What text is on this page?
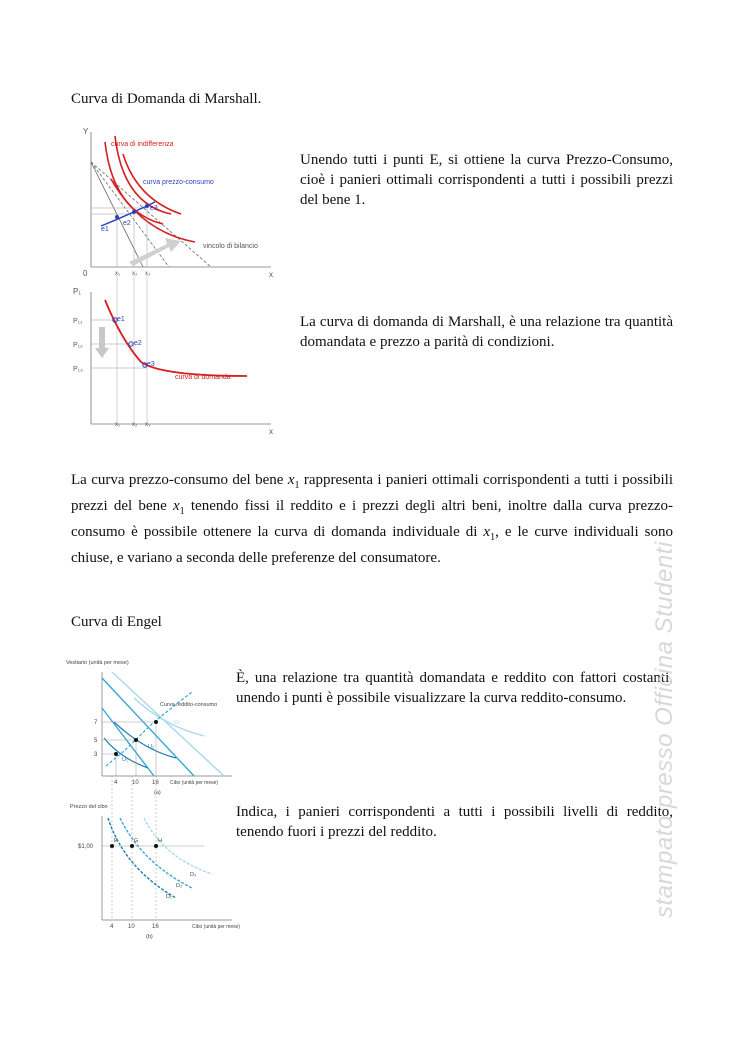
Curva di Domanda di Marshall.
Y
0	x
curva di indifferenza
curva prezzo-consumo
vincolo di bilancio
e1
e2
e3
x₁ x₂ x₃
P₁
x
P₁₁
P₁₂
P₁₃
e1
e2
e3
curva di domanda
x₁ x₂ x₃
Unendo tutti i punti E, si ottiene la curva Prezzo-Consumo, cioè i panieri ottimali corrispondenti a tutti i possibili prezzi del bene 1.
La curva di domanda di Marshall, è una relazione tra quantità domandata e prezzo a parità di condizioni.
La curva prezzo-consumo del bene $x_1$ rappresenta i panieri ottimali corrispondenti a tutti i possibili prezzi del bene $x_1$ tenendo fissi il reddito e i prezzi degli altri beni, inoltre dalla curva prezzo-consumo è possibile ottenere la curva di domanda individuale di $x_1$, e le curve individuali sono chiuse, e variano a seconda delle preferenze del consumatore.
Curva di Engel
Vestiario (unità per mese)
Curva reddito-consumo
7
5
3
4 10 16 Cibo (unità per mese)
(a)
U₁
U₂
U₃
Prezzo del cibo
$1,00
E	G	H
D₃
D₂
D₁
4 10	16	Cibo (unità per mese)
(b)
È, una relazione tra quantità domandata e reddito con fattori costanti, unendo i punti è possibile visualizzare la curva reddito-consumo.
Indica, i panieri corrispondenti a tutti i possibili livelli di reddito, tenendo fuori i prezzi del reddito.	stampato presso Officina Studenti
